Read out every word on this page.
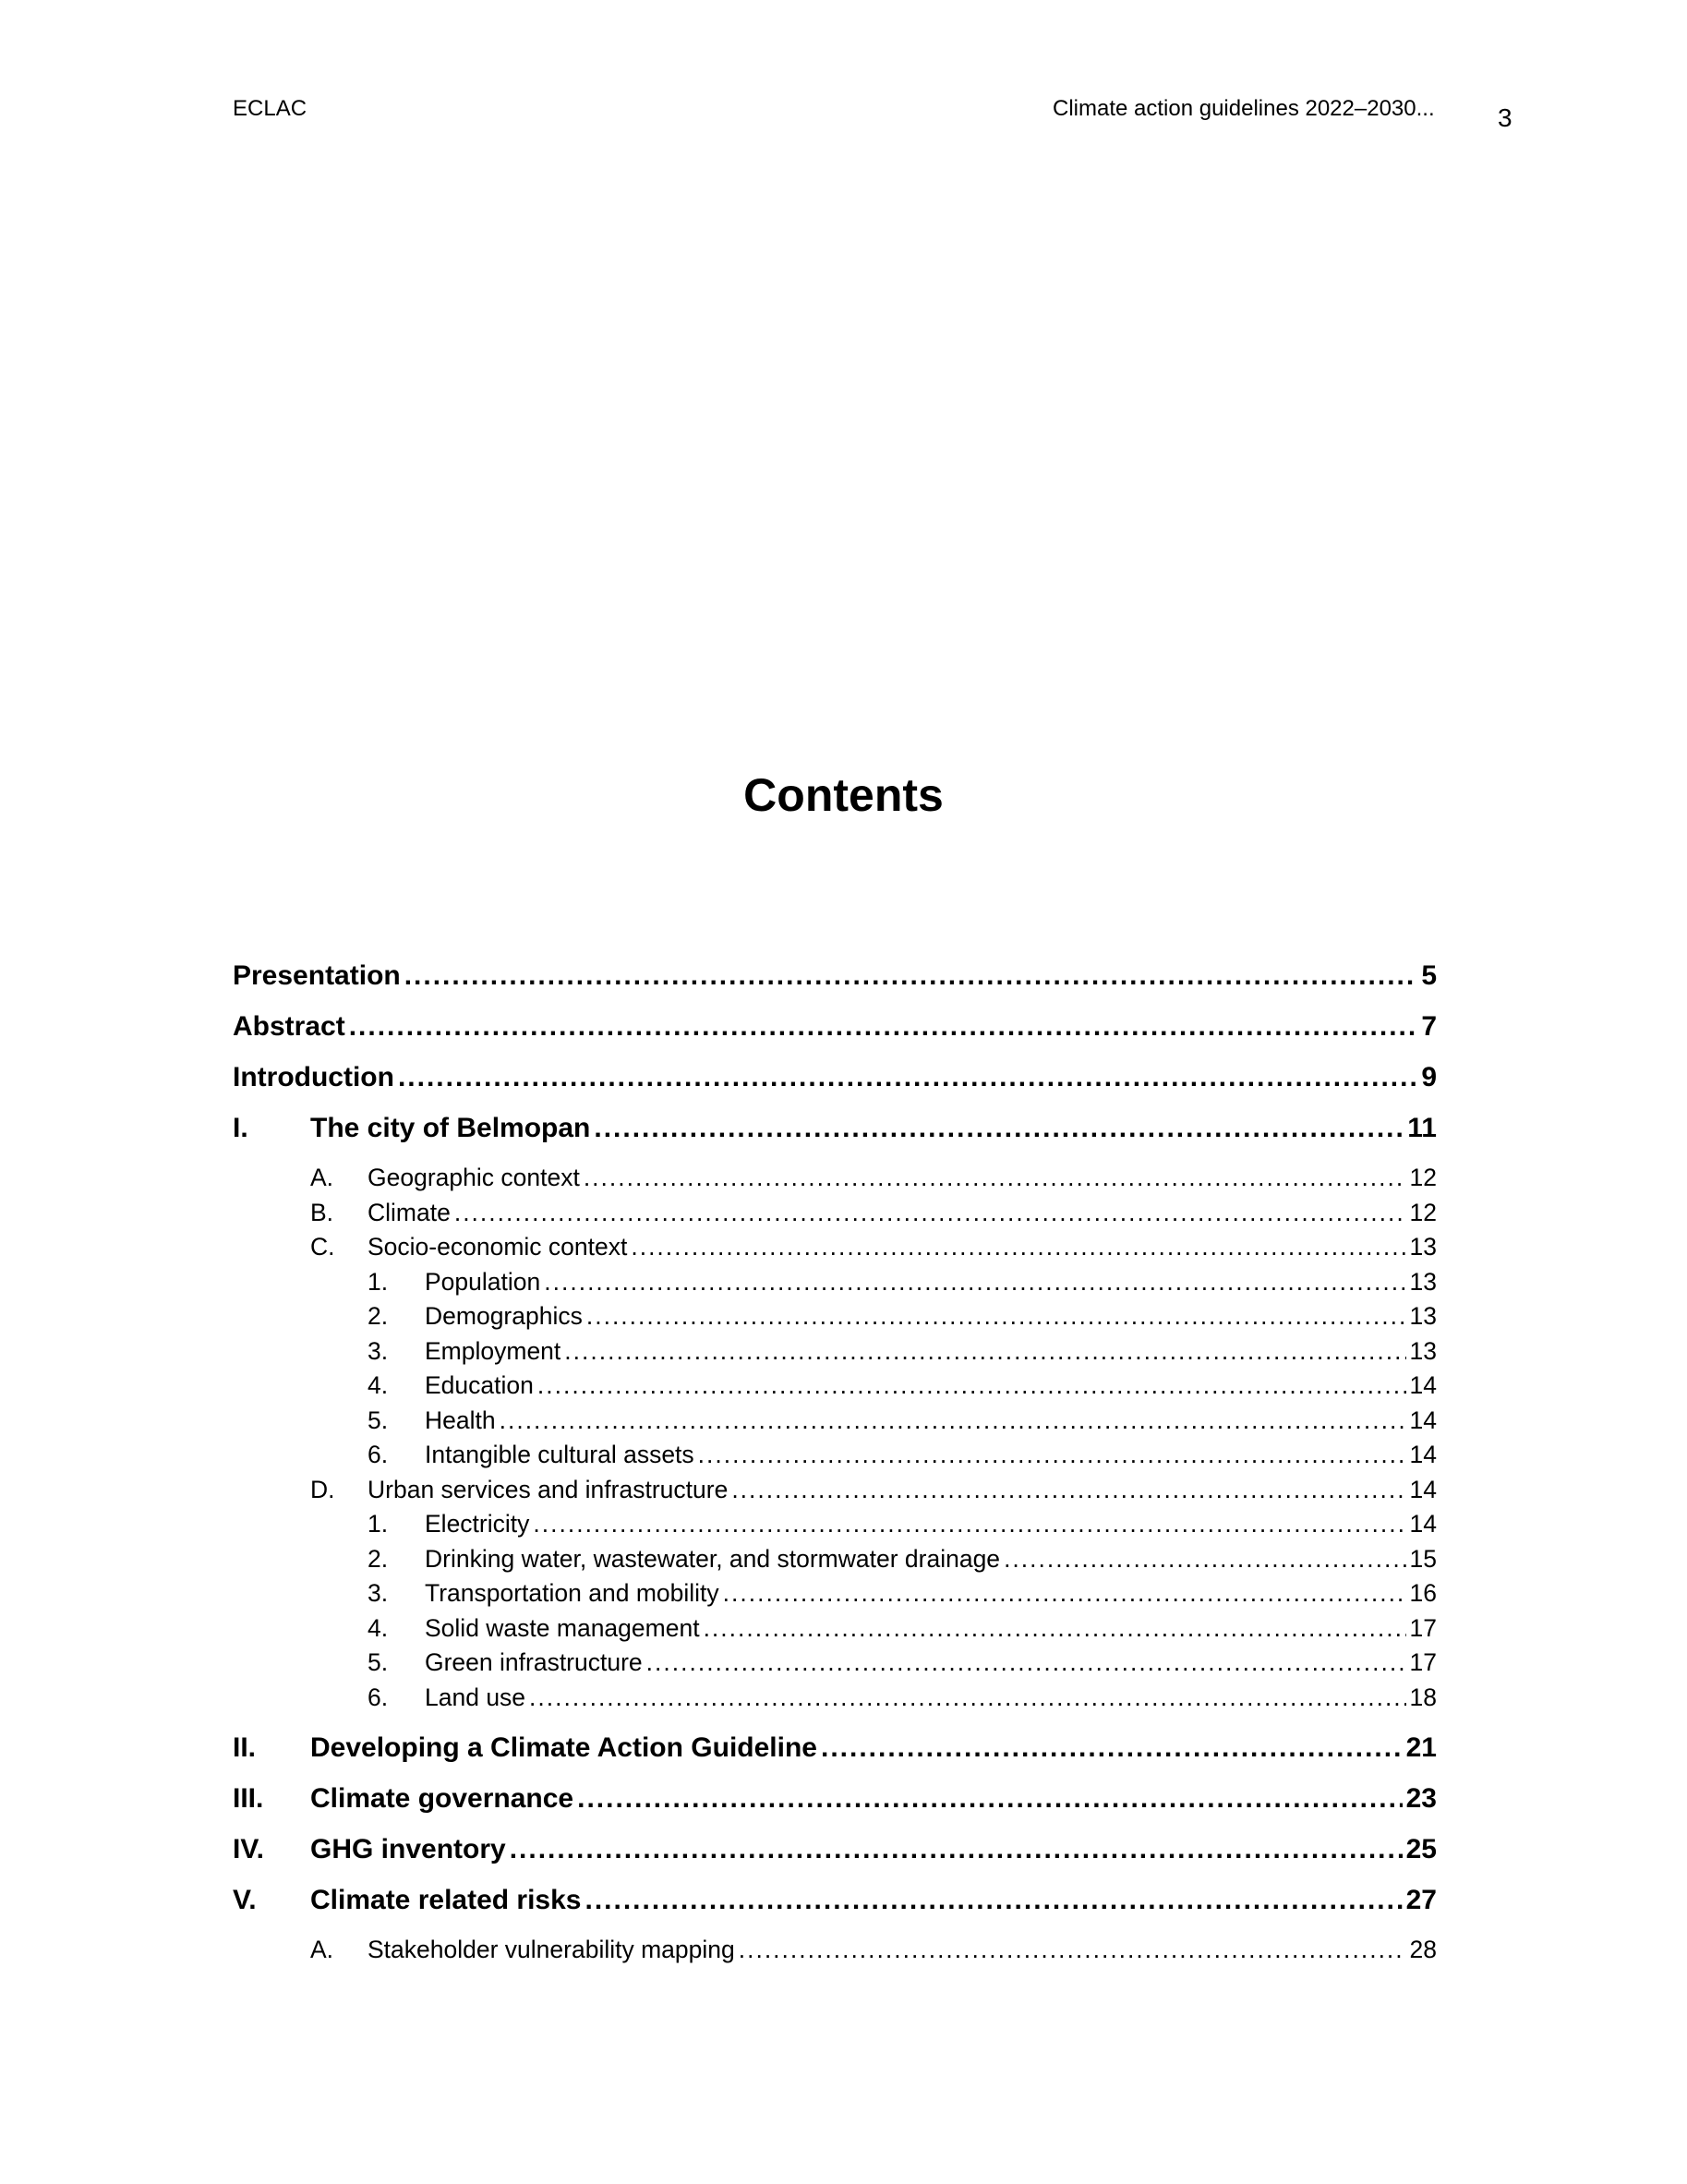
ECLAC	Climate action guidelines 2022–2030... 3
Contents
Presentation .....	5
Abstract .....	7
Introduction .....	9
I.	The city of Belmopan .....	11
A.	Geographic context .....	12
B.	Climate .....	12
C.	Socio-economic context .....	13
1.	Population .....	13
2.	Demographics .....	13
3.	Employment .....	13
4.	Education .....	14
5.	Health .....	14
6.	Intangible cultural assets .....	14
D.	Urban services and infrastructure .....	14
1.	Electricity .....	14
2.	Drinking water, wastewater, and stormwater drainage .....	15
3.	Transportation and mobility .....	16
4.	Solid waste management .....	17
5.	Green infrastructure .....	17
6.	Land use .....	18
II.	Developing a Climate Action Guideline .....	21
III.	Climate governance .....	23
IV.	GHG inventory .....	25
V.	Climate related risks .....	27
A.	Stakeholder vulnerability mapping .....	28
